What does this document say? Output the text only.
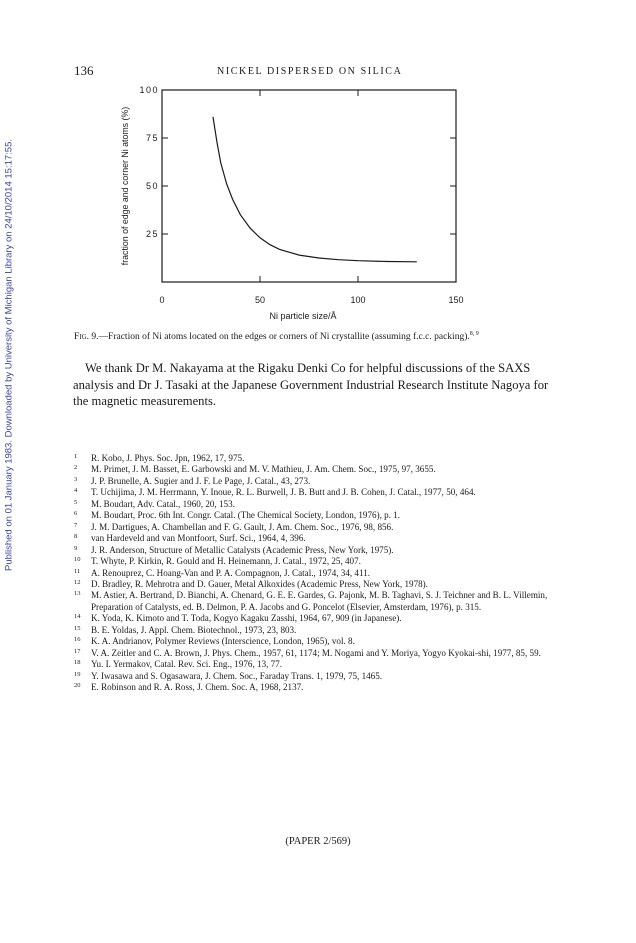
Published on 01 January 1983. Downloaded by University of Michigan Library on 24/10/2014 15:17:55.
136	NICKEL DISPERSED ON SILICA
25
50
75
100
0	50	100	150
Ni particle size/Å
fraction of edge and corner Ni atoms (%)
Fig. 9.—Fraction of Ni atoms located on the edges or corners of Ni crystallite (assuming f.c.c. packing).$^{8, 9}$

We thank Dr M. Nakayama at the Rigaku Denki Co for helpful discussions of the SAXS analysis and Dr J. Tasaki at the Japanese Government Industrial Research Institute Nagoya for the magnetic measurements.

1 R. Kobo, J. Phys. Soc. Jpn, 1962, 17, 975.
2 M. Primet, J. M. Basset, E. Garbowski and M. V. Mathieu, J. Am. Chem. Soc., 1975, 97, 3655.
3 J. P. Brunelle, A. Sugier and J. F. Le Page, J. Catal., 43, 273.
4 T. Uchijima, J. M. Herrmann, Y. Inoue, R. L. Burwell, J. B. Butt and J. B. Cohen, J. Catal., 1977, 50, 464.
5 M. Boudart, Adv. Catal., 1960, 20, 153.
6 M. Boudart, Proc. 6th Int. Congr. Catal. (The Chemical Society, London, 1976), p. 1.
7 J. M. Dartigues, A. Chambellan and F. G. Gault, J. Am. Chem. Soc., 1976, 98, 856.
8 van Hardeveld and van Montfoort, Surf. Sci., 1964, 4, 396.
9 J. R. Anderson, Structure of Metallic Catalysts (Academic Press, New York, 1975).
10 T. Whyte, P. Kirkin, R. Gould and H. Heinemann, J. Catal., 1972, 25, 407.
11 A. Renouprez, C. Hoang-Van and P. A. Compagnon, J. Catal., 1974, 34, 411.
12 D. Bradley, R. Mehrotra and D. Gauer, Metal Alkoxides (Academic Press, New York, 1978).
13 M. Astier, A. Bertrand, D. Bianchi, A. Chenard, G. E. E. Gardes, G. Pajonk, M. B. Taghavi, S. J. Teichner and B. L. Villemin, Preparation of Catalysts, ed. B. Delmon, P. A. Jacobs and G. Poncelot (Elsevier, Amsterdam, 1976), p. 315.
14 K. Yoda, K. Kimoto and T. Toda, Kogyo Kagaku Zasshi, 1964, 67, 909 (in Japanese).
15 B. E. Yoldas, J. Appl. Chem. Biotechnol., 1973, 23, 803.
16 K. A. Andrianov, Polymer Reviews (Interscience, London, 1965), vol. 8.
17 V. A. Zeitler and C. A. Brown, J. Phys. Chem., 1957, 61, 1174; M. Nogami and Y. Moriya, Yogyo Kyokai-shi, 1977, 85, 59.
18 Yu. I. Yermakov, Catal. Rev. Sci. Eng., 1976, 13, 77.
19 Y. Iwasawa and S. Ogasawara, J. Chem. Soc., Faraday Trans. 1, 1979, 75, 1465.
20 E. Robinson and R. A. Ross, J. Chem. Soc. A, 1968, 2137.
(PAPER 2/569)
